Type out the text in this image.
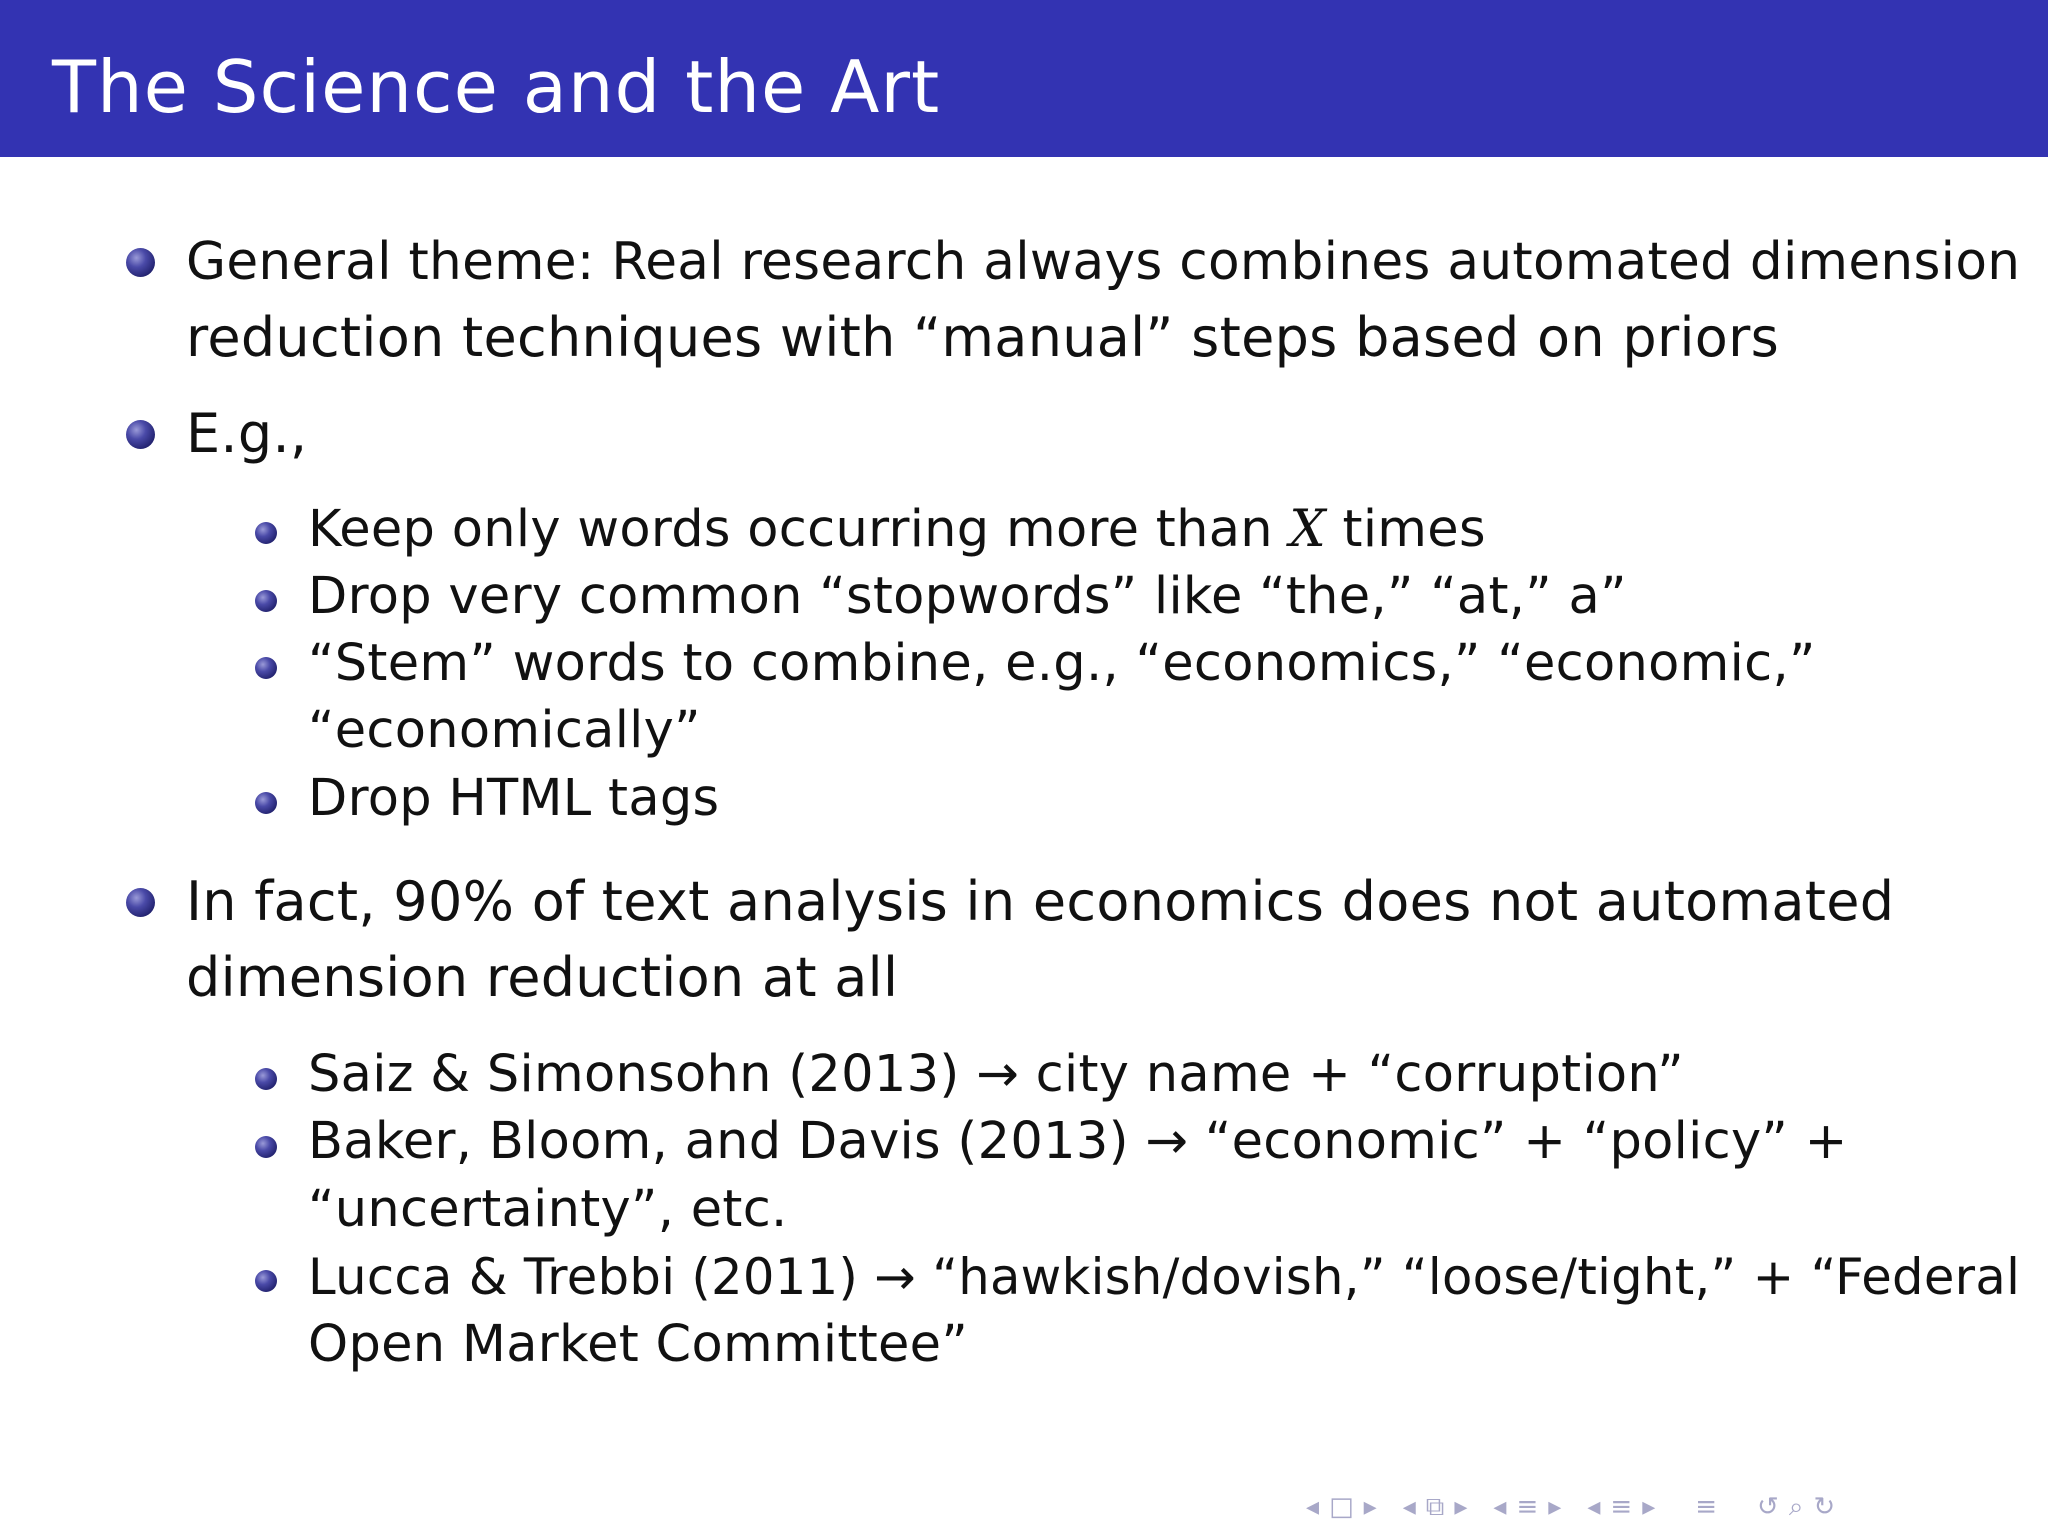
The Science and the Art
General theme: Real research always combines automated dimension
reduction techniques with “manual” steps based on priors
E.g.,
Keep only words occurring more than X times
Drop very common “stopwords” like “the,” “at,” a”
“Stem” words to combine, e.g., “economics,” “economic,”
“economically”
Drop HTML tags
In fact, 90% of text analysis in economics does not automated
dimension reduction at all
Saiz & Simonsohn (2013) → city name + “corruption”
Baker, Bloom, and Davis (2013) → “economic” + “policy” +
“uncertainty”, etc.
Lucca & Trebbi (2011) → “hawkish/dovish,” “loose/tight,” + “Federal
Open Market Committee”
◂ □ ▸ ◂ ⧉ ▸ ◂ ≡ ▸ ◂ ≡ ▸ ≡ ↺ ⌕ ↻
